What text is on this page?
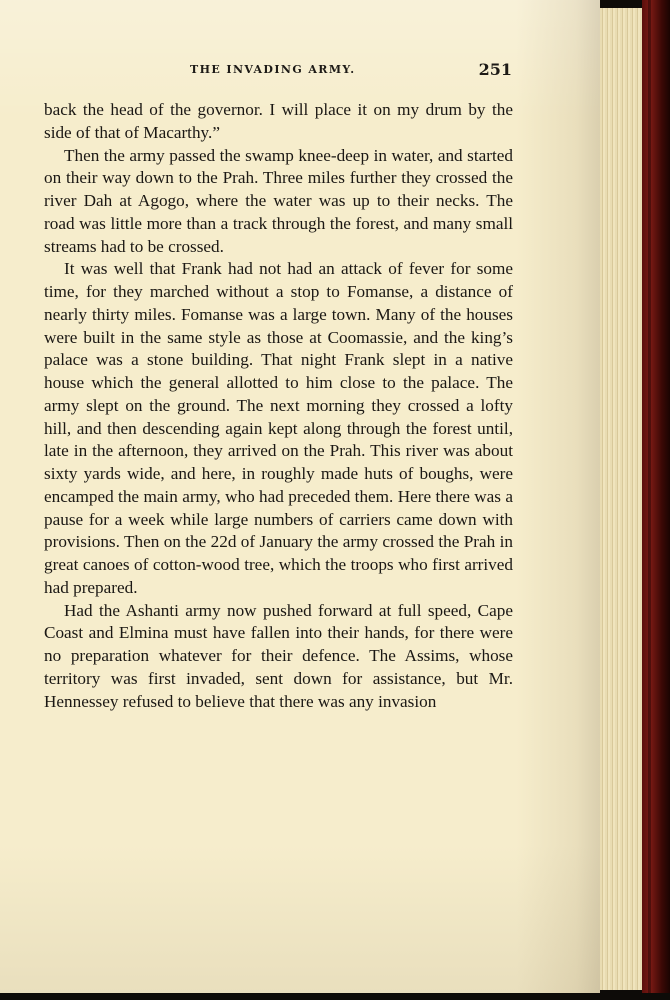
THE INVADING ARMY.	251

back the head of the governor. I will place it on my drum by the side of that of Macarthy.”

Then the army passed the swamp knee-deep in water, and started on their way down to the Prah. Three miles further they crossed the river Dah at Agogo, where the water was up to their necks. The road was little more than a track through the forest, and many small streams had to be crossed.

It was well that Frank had not had an attack of fever for some time, for they marched without a stop to Fomanse, a distance of nearly thirty miles. Fomanse was a large town. Many of the houses were built in the same style as those at Coomassie, and the king’s palace was a stone building. That night Frank slept in a native house which the general allotted to him close to the palace. The army slept on the ground. The next morning they crossed a lofty hill, and then descending again kept along through the forest until, late in the afternoon, they arrived on the Prah. This river was about sixty yards wide, and here, in roughly made huts of boughs, were encamped the main army, who had preceded them. Here there was a pause for a week while large numbers of carriers came down with provisions. Then on the 22d of January the army crossed the Prah in great canoes of cotton-wood tree, which the troops who first arrived had prepared.

Had the Ashanti army now pushed forward at full speed, Cape Coast and Elmina must have fallen into their hands, for there were no preparation whatever for their defence. The Assims, whose territory was first invaded, sent down for assistance, but Mr. Hennessey refused to believe that there was any invasion
